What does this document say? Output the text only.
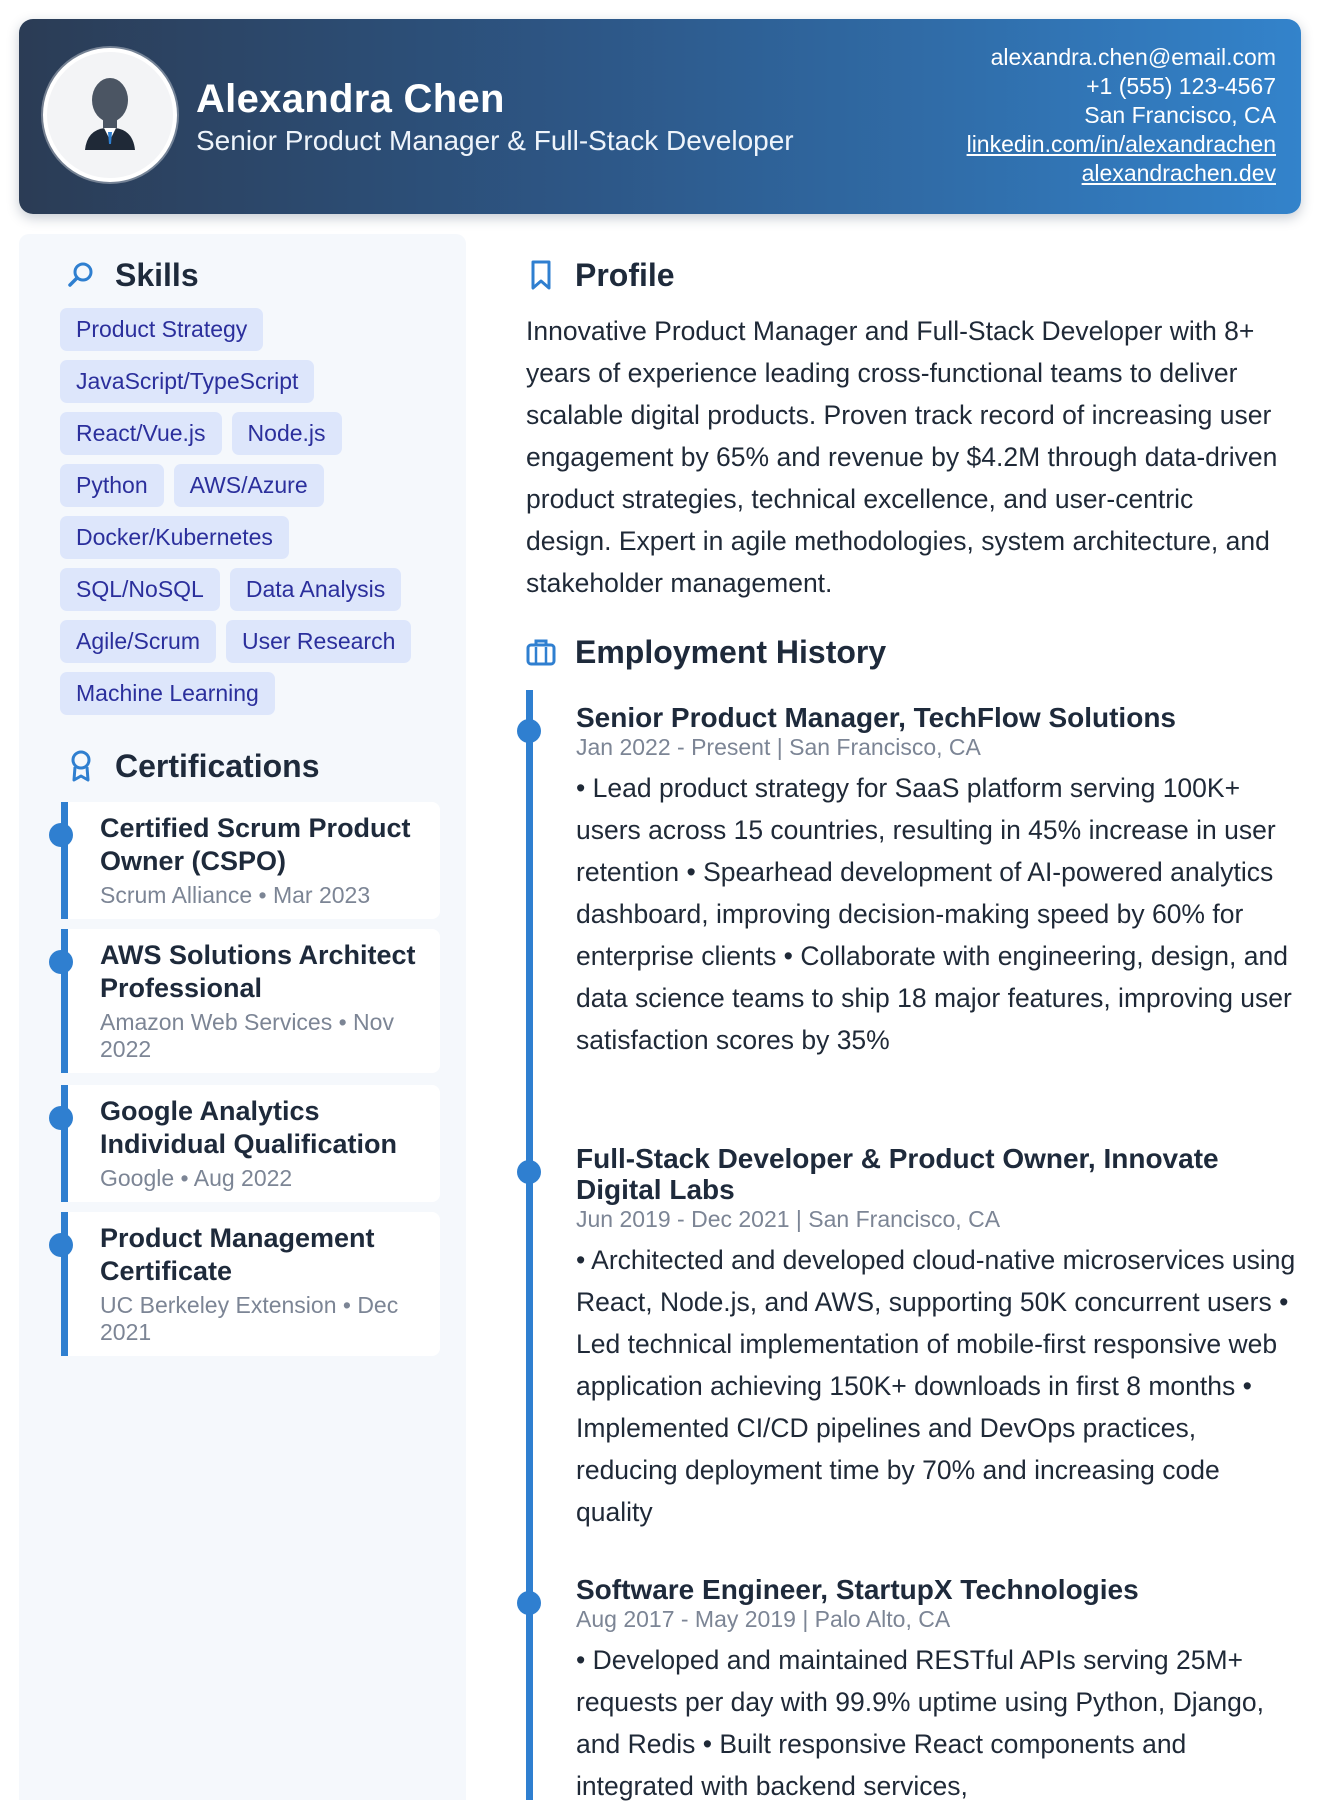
Alexandra Chen
Senior Product Manager & Full-Stack Developer
alexandra.chen@email.com
+1 (555) 123-4567
San Francisco, CA
linkedin.com/in/alexandrachen
alexandrachen.dev
Skills
Product Strategy
JavaScript/TypeScript
React/Vue.js Node.js
Python AWS/Azure
Docker/Kubernetes
SQL/NoSQL Data Analysis
Agile/Scrum User Research
Machine Learning
Certifications
Certified Scrum Product Owner (CSPO)
Scrum Alliance • Mar 2023
AWS Solutions Architect Professional
Amazon Web Services • Nov 2022
Google Analytics Individual Qualification
Google • Aug 2022
Product Management Certificate
UC Berkeley Extension • Dec 2021
Profile
Innovative Product Manager and Full-Stack Developer with 8+ years of experience leading cross-functional teams to deliver scalable digital products. Proven track record of increasing user engagement by 65% and revenue by $4.2M through data-driven product strategies, technical excellence, and user-centric design. Expert in agile methodologies, system architecture, and stakeholder management.
Employment History
Senior Product Manager, TechFlow Solutions
Jan 2022 - Present | San Francisco, CA
• Lead product strategy for SaaS platform serving 100K+ users across 15 countries, resulting in 45% increase in user retention • Spearhead development of AI-powered analytics dashboard, improving decision-making speed by 60% for enterprise clients • Collaborate with engineering, design, and data science teams to ship 18 major features, improving user satisfaction scores by 35%
Full-Stack Developer & Product Owner, Innovate Digital Labs
Jun 2019 - Dec 2021 | San Francisco, CA
• Architected and developed cloud-native microservices using React, Node.js, and AWS, supporting 50K concurrent users • Led technical implementation of mobile-first responsive web application achieving 150K+ downloads in first 8 months • Implemented CI/CD pipelines and DevOps practices, reducing deployment time by 70% and increasing code quality
Software Engineer, StartupX Technologies
Aug 2017 - May 2019 | Palo Alto, CA
• Developed and maintained RESTful APIs serving 25M+ requests per day with 99.9% uptime using Python, Django, and Redis • Built responsive React components and integrated with backend services,
